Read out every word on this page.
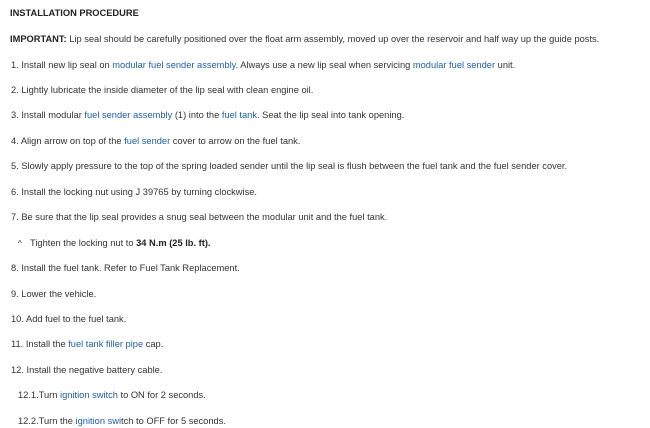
INSTALLATION PROCEDURE
IMPORTANT: Lip seal should be carefully positioned over the float arm assembly, moved up over the reservoir and half way up the guide posts.
1. Install new lip seal on modular fuel sender assembly. Always use a new lip seal when servicing modular fuel sender unit.
2. Lightly lubricate the inside diameter of the lip seal with clean engine oil.
3. Install modular fuel sender assembly (1) into the fuel tank. Seat the lip seal into tank opening.
4. Align arrow on top of the fuel sender cover to arrow on the fuel tank.
5. Slowly apply pressure to the top of the spring loaded sender until the lip seal is flush between the fuel tank and the fuel sender cover.
6. Install the locking nut using J 39765 by turning clockwise.
7. Be sure that the lip seal provides a snug seal between the modular unit and the fuel tank.
^ Tighten the locking nut to 34 N.m (25 lb. ft).
8. Install the fuel tank. Refer to Fuel Tank Replacement.
9. Lower the vehicle.
10. Add fuel to the fuel tank.
11. Install the fuel tank filler pipe cap.
12. Install the negative battery cable.
12.1.Turn ignition switch to ON for 2 seconds.
12.2.Turn the ignition switch to OFF for 5 seconds.
